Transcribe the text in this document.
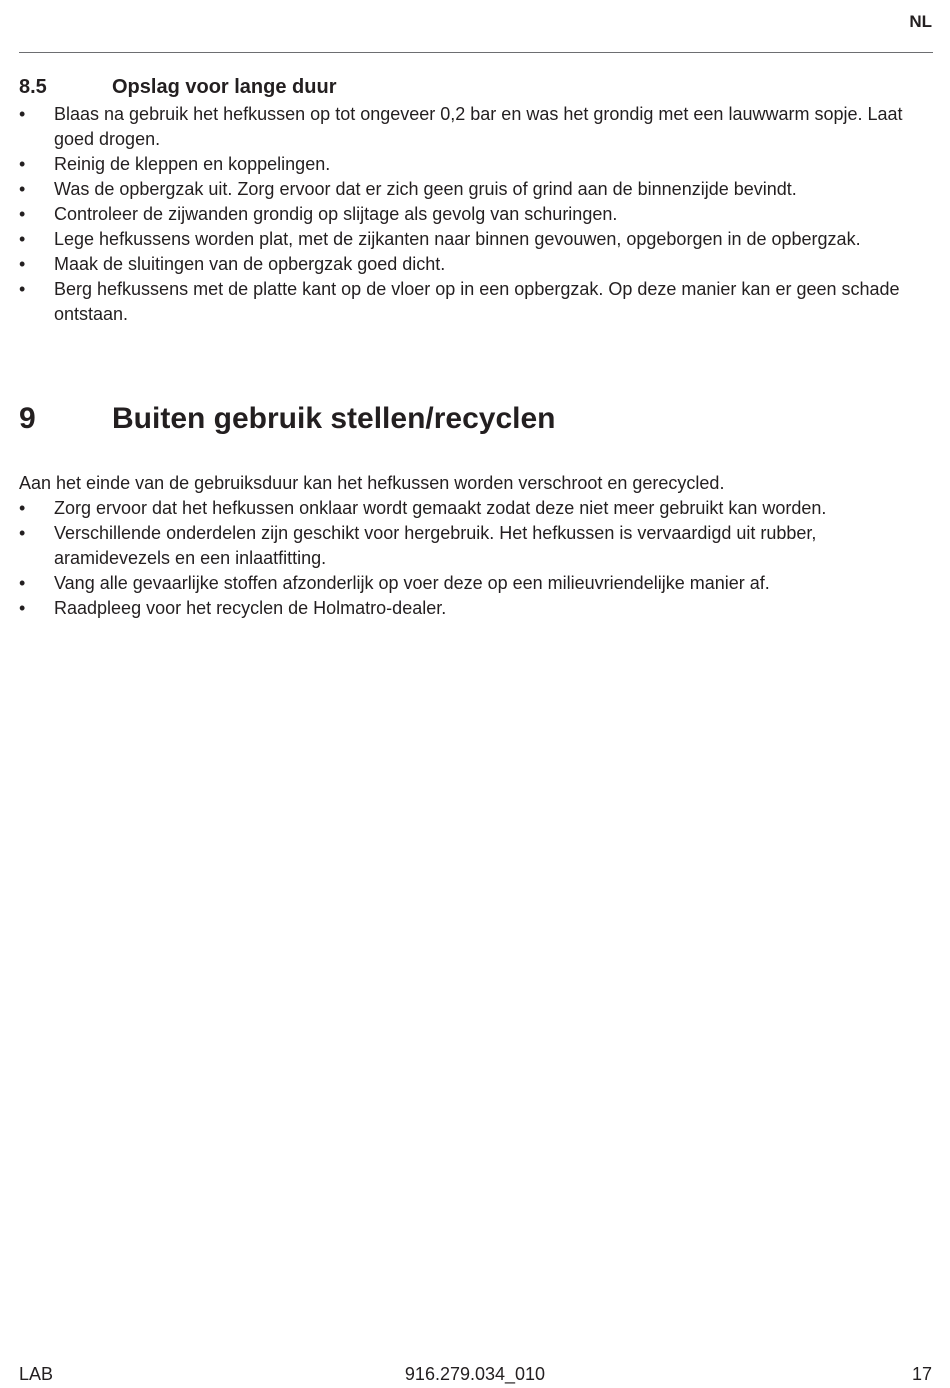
NL
8.5	Opslag voor lange duur
• Blaas na gebruik het hefkussen op tot ongeveer 0,2 bar en was het grondig met een lauwwarm sopje. Laat goed drogen.
• Reinig de kleppen en koppelingen.
• Was de opbergzak uit. Zorg ervoor dat er zich geen gruis of grind aan de binnenzijde bevindt.
• Controleer de zijwanden grondig op slijtage als gevolg van schuringen.
• Lege hefkussens worden plat, met de zijkanten naar binnen gevouwen, opgeborgen in de opbergzak.
• Maak de sluitingen van de opbergzak goed dicht.
• Berg hefkussens met de platte kant op de vloer op in een opbergzak. Op deze manier kan er geen schade ontstaan.
9	Buiten gebruik stellen/recyclen

Aan het einde van de gebruiksduur kan het hefkussen worden verschroot en gerecycled.

• Zorg ervoor dat het hefkussen onklaar wordt gemaakt zodat deze niet meer gebruikt kan worden.
• Verschillende onderdelen zijn geschikt voor hergebruik. Het hefkussen is vervaardigd uit rubber, aramidevezels en een inlaatfitting.
• Vang alle gevaarlijke stoffen afzonderlijk op voer deze op een milieuvriendelijke manier af.
• Raadpleeg voor het recyclen de Holmatro-dealer.
LAB	916.279.034_010	17
